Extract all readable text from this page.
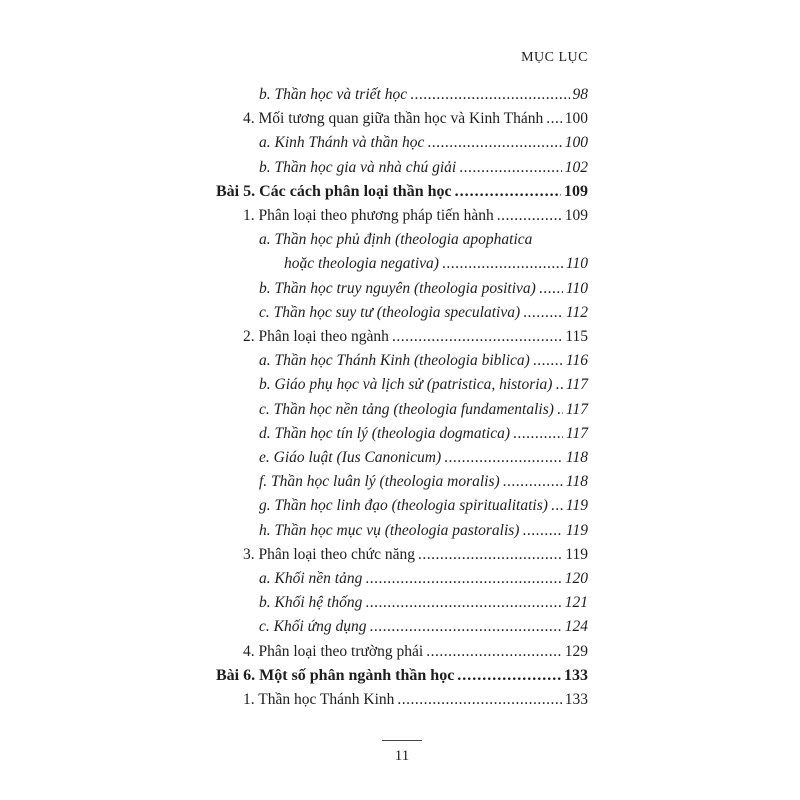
MỤC LỤC
b. Thần học và triết học .....	98
4. Mối tương quan giữa thần học và Kinh Thánh ..... 100
a. Kinh Thánh và thần học .....	100
b. Thần học gia và nhà chú giải .....	102
Bài 5. Các cách phân loại thần học .....	109
1. Phân loại theo phương pháp tiến hành .....	109
a. Thần học phủ định (theologia apophatica
hoặc theologia negativa) .....	110
b. Thần học truy nguyên (theologia positiva) ..... 110
c. Thần học suy tư (theologia speculativa) .....	112
2. Phân loại theo ngành .....	115
a. Thần học Thánh Kinh (theologia biblica) ..... 116
b. Giáo phụ học và lịch sử (patristica, historia) ..... 117
c. Thần học nền tảng (theologia fundamentalis) ..... 117
d. Thần học tín lý (theologia dogmatica) .....	117
e. Giáo luật (Ius Canonicum) .....	118
f. Thần học luân lý (theologia moralis) .....	118
g. Thần học linh đạo (theologia spiritualitatis) ..... 119
h. Thần học mục vụ (theologia pastoralis) .....	119
3. Phân loại theo chức năng .....	119
a. Khối nền tảng .....	120
b. Khối hệ thống .....	121
c. Khối ứng dụng .....	124
4. Phân loại theo trường phái .....	129
Bài 6. Một số phân ngành thần học .....	133
1. Thần học Thánh Kinh .....	133
11
